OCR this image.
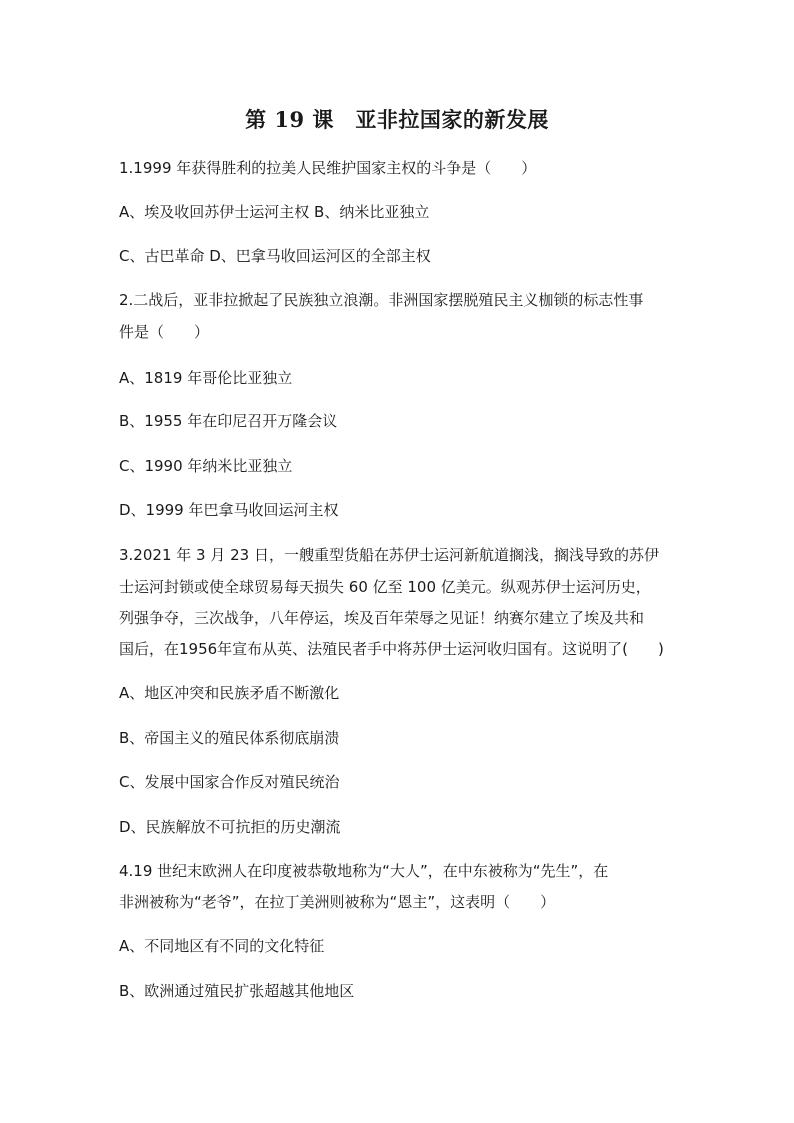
第 19 课　亚非拉国家的新发展
1.1999 年获得胜利的拉美人民维护国家主权的斗争是（　　）
A、埃及收回苏伊士运河主权 B、纳米比亚独立
C、古巴革命 D、巴拿马收回运河区的全部主权
2.二战后，亚非拉掀起了民族独立浪潮。非洲国家摆脱殖民主义枷锁的标志性事
件是（　　）
A、1819 年哥伦比亚独立
B、1955 年在印尼召开万隆会议
C、1990 年纳米比亚独立
D、1999 年巴拿马收回运河主权
3.2021 年 3 月 23 日，一艘重型货船在苏伊士运河新航道搁浅，搁浅导致的苏伊
士运河封锁或使全球贸易每天损失 60 亿至 100 亿美元。纵观苏伊士运河历史，
列强争夺，三次战争，八年停运，埃及百年荣辱之见证！纳赛尔建立了埃及共和
国后，在1956年宣布从英、法殖民者手中将苏伊士运河收归国有。这说明了(　　)
A、地区冲突和民族矛盾不断激化
B、帝国主义的殖民体系彻底崩溃
C、发展中国家合作反对殖民统治
D、民族解放不可抗拒的历史潮流
4.19 世纪末欧洲人在印度被恭敬地称为“大人”，在中东被称为“先生”，在
非洲被称为“老爷”，在拉丁美洲则被称为“恩主”，这表明（　　）
A、不同地区有不同的文化特征
B、欧洲通过殖民扩张超越其他地区
